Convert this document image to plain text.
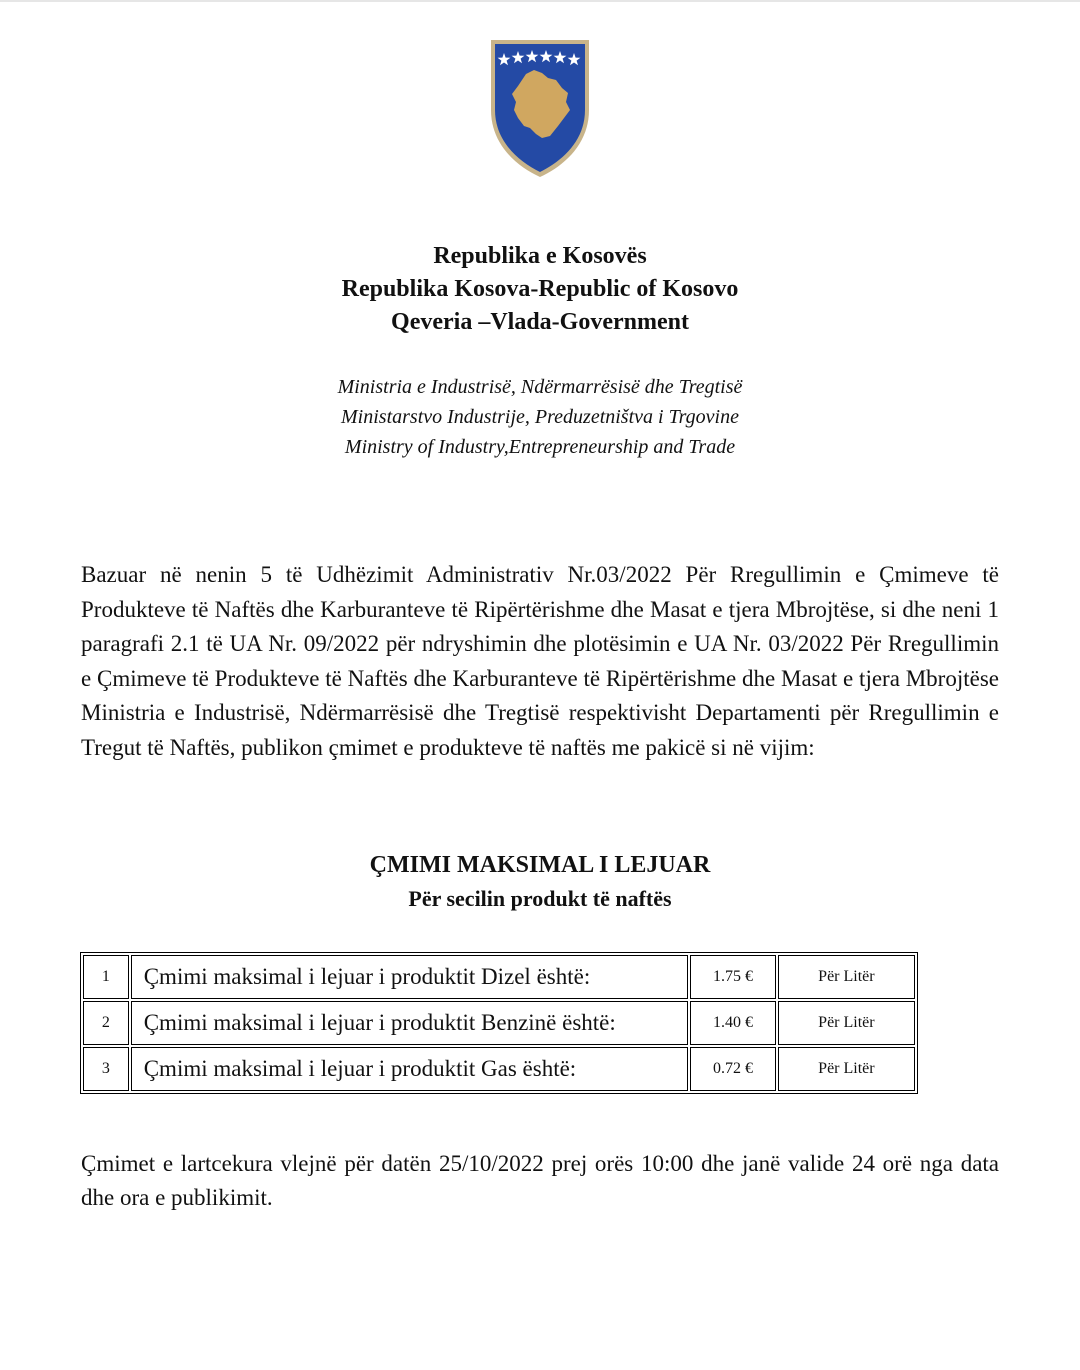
Republika e Kosovës
Republika Kosova-Republic of Kosovo
Qeveria –Vlada-Government
Ministria e Industrisë, Ndërmarrësisë dhe Tregtisë
Ministarstvo Industrije, Preduzetništva i Trgovine
Ministry of Industry,Entrepreneurship and Trade
Bazuar në nenin 5 të Udhëzimit Administrativ Nr.03/2022 Për Rregullimin e Çmimeve të Produkteve të Naftës dhe Karburanteve të Ripërtërishme dhe Masat e tjera Mbrojtëse, si dhe neni 1 paragrafi 2.1 të UA Nr. 09/2022 për ndryshimin dhe plotësimin e UA Nr. 03/2022 Për Rregullimin e Çmimeve të Produkteve të Naftës dhe Karburanteve të Ripërtërishme dhe Masat e tjera Mbrojtëse Ministria e Industrisë, Ndërmarrësisë dhe Tregtisë respektivisht Departamenti për Rregullimin e Tregut të Naftës, publikon çmimet e produkteve të naftës me pakicë si në vijim:
ÇMIMI MAKSIMAL I LEJUAR
Për secilin produkt të naftës
1	Çmimi maksimal i lejuar i produktit Dizel është:	1.75 €	Për Litër
2	Çmimi maksimal i lejuar i produktit Benzinë është:	1.40 €	Për Litër
3	Çmimi maksimal i lejuar i produktit Gas është:	0.72 €	Për Litër
Çmimet e lartcekura vlejnë për datën 25/10/2022 prej orës 10:00 dhe janë valide 24 orë nga data dhe ora e publikimit.
